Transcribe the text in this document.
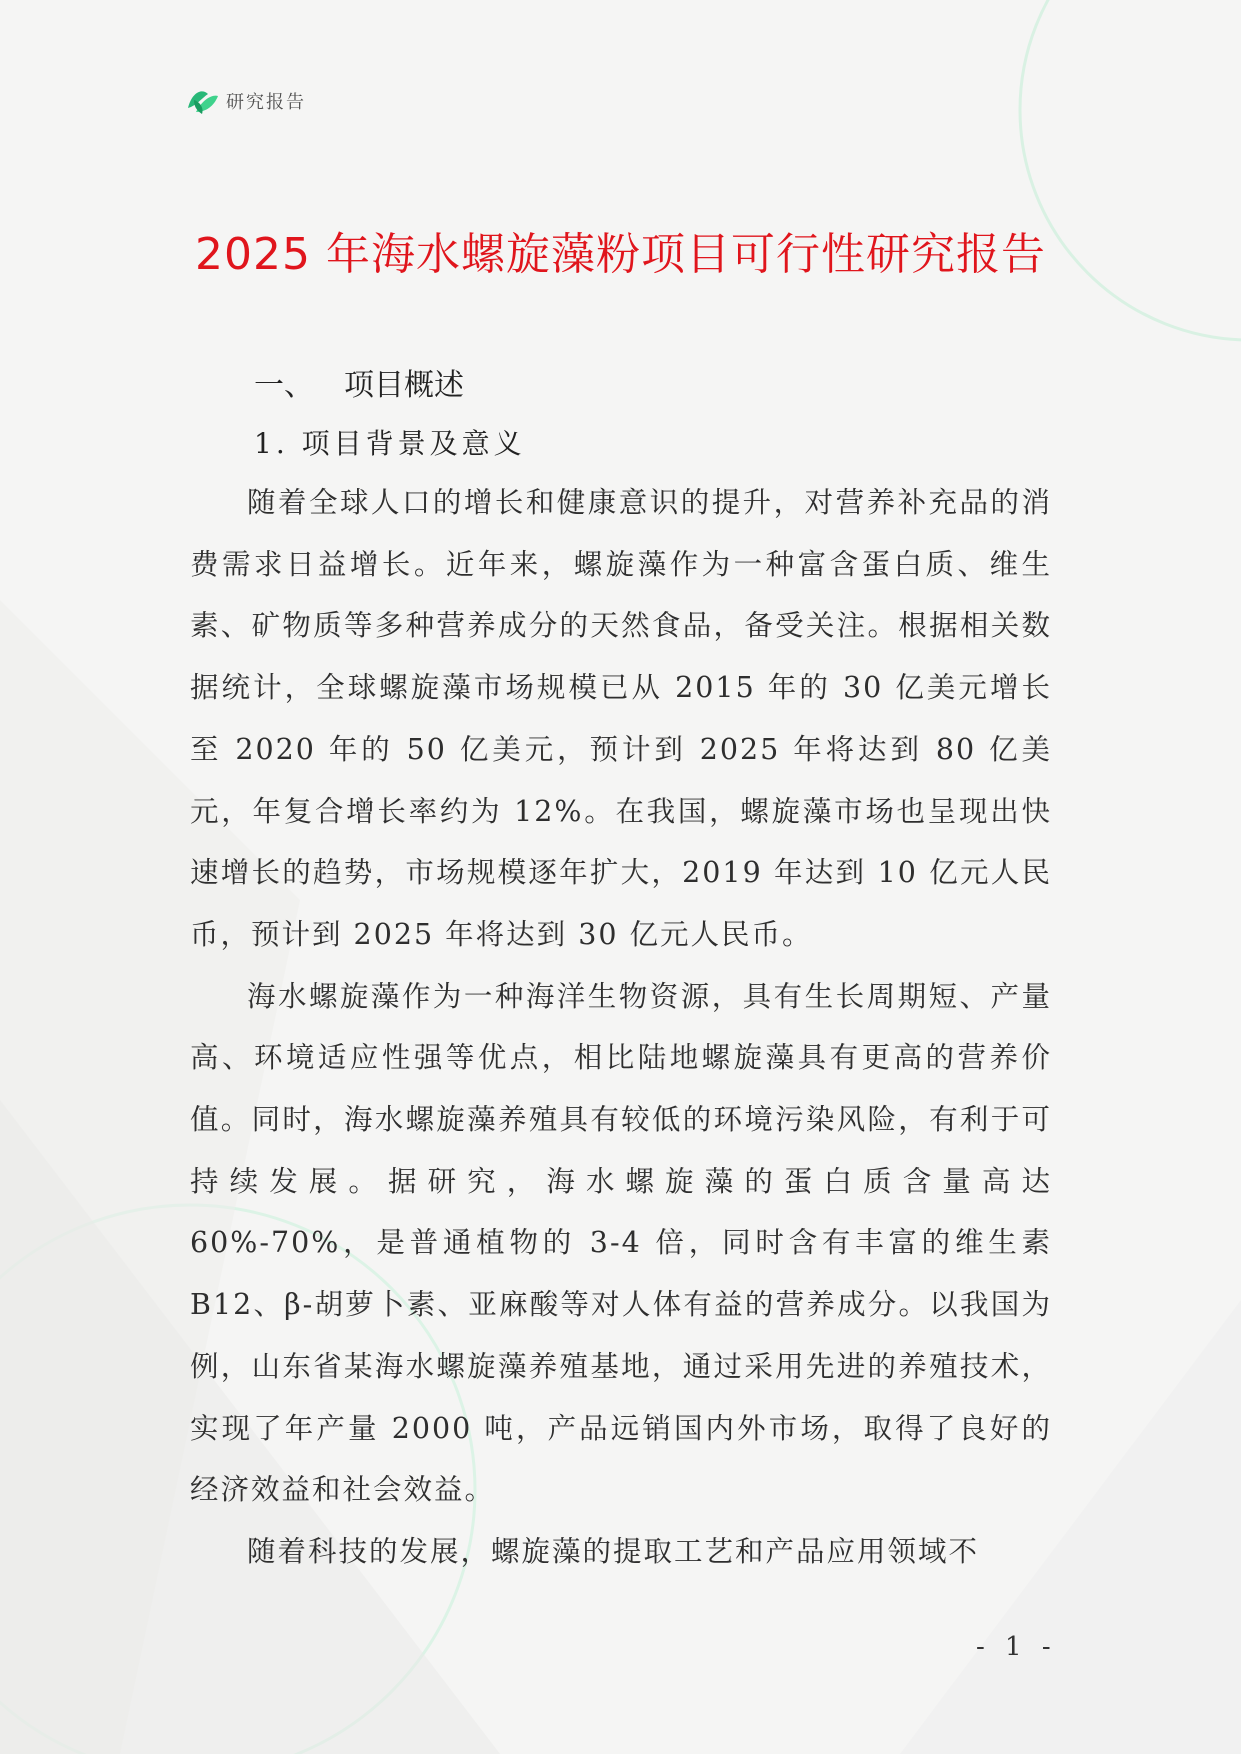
研究报告
2025 年海水螺旋藻粉项目可行性研究报告
一、 项目概述
1. 项目背景及意义

随着全球人口的增长和健康意识的提升，对营养补充品的消费需求日益增长。近年来，螺旋藻作为一种富含蛋白质、维生素、矿物质等多种营养成分的天然食品，备受关注。根据相关数据统计，全球螺旋藻市场规模已从 2015 年的 30 亿美元增长至 2020 年的 50 亿美元，预计到 2025 年将达到 80 亿美元，年复合增长率约为 12%。在我国，螺旋藻市场也呈现出快速增长的趋势，市场规模逐年扩大，2019 年达到 10 亿元人民币，预计到 2025 年将达到 30 亿元人民币。

海水螺旋藻作为一种海洋生物资源，具有生长周期短、产量高、环境适应性强等优点，相比陆地螺旋藻具有更高的营养价值。同时，海水螺旋藻养殖具有较低的环境污染风险，有利于可持续发展。据研究，海水螺旋藻的蛋白质含量高达 60%-70%，是普通植物的 3-4 倍，同时含有丰富的维生素 B12、β-胡萝卜素、亚麻酸等对人体有益的营养成分。以我国为例，山东省某海水螺旋藻养殖基地，通过采用先进的养殖技术，实现了年产量 2000 吨，产品远销国内外市场，取得了良好的经济效益和社会效益。

随着科技的发展，螺旋藻的提取工艺和产品应用领域不

- 1 -
